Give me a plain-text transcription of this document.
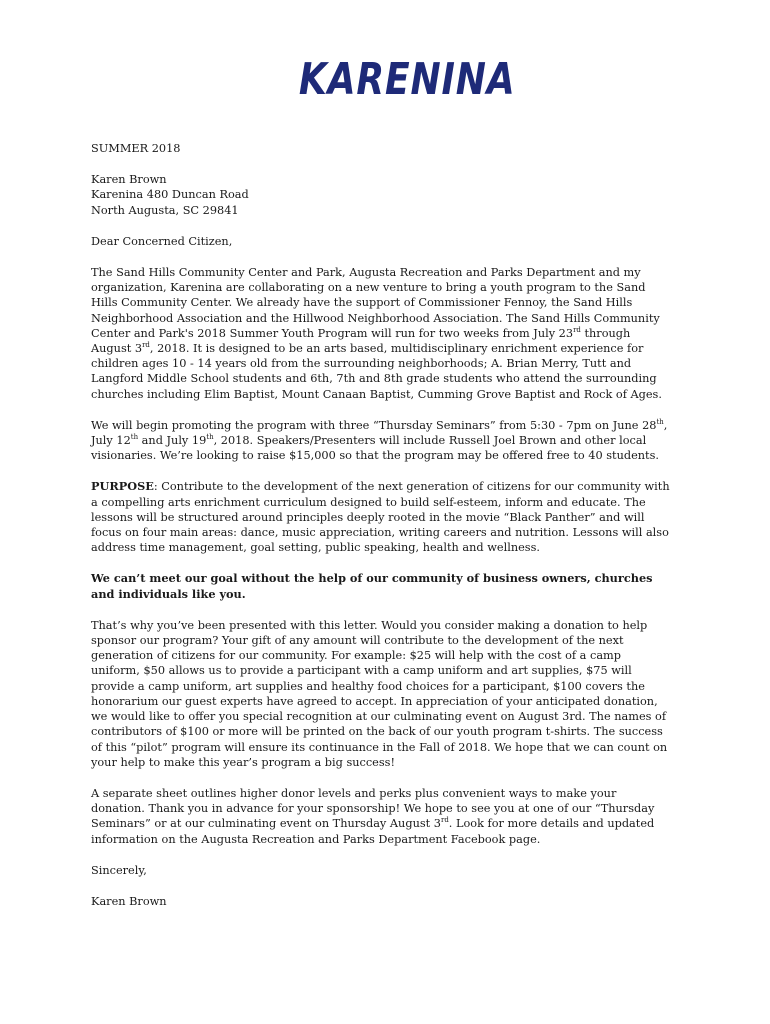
KARENINA

SUMMER 2018

Karen Brown

Karenina 480 Duncan Road

North Augusta, SC 29841

Dear Concerned Citizen,

The Sand Hills Community Center and Park, Augusta Recreation and Parks Department and my organization, Karenina are collaborating on a new venture to bring a youth program to the Sand Hills Community Center. We already have the support of Commissioner Fennoy, the Sand Hills Neighborhood Association and the Hillwood Neighborhood Association. The Sand Hills Community Center and Park's 2018 Summer Youth Program will run for two weeks from July 23rd through August 3rd, 2018. It is designed to be an arts based, multidisciplinary enrichment experience for children ages 10 - 14 years old from the surrounding neighborhoods; A. Brian Merry, Tutt and Langford Middle School students and 6th, 7th and 8th grade students who attend the surrounding churches including Elim Baptist, Mount Canaan Baptist, Cumming Grove Baptist and Rock of Ages.

We will begin promoting the program with three “Thursday Seminars” from 5:30 - 7pm on June 28th, July 12th and July 19th, 2018. Speakers/Presenters will include Russell Joel Brown and other local visionaries. We’re looking to raise $15,000 so that the program may be offered free to 40 students.

PURPOSE: Contribute to the development of the next generation of citizens for our community with a compelling arts enrichment curriculum designed to build self-esteem, inform and educate. The lessons will be structured around principles deeply rooted in the movie “Black Panther” and will focus on four main areas: dance, music appreciation, writing careers and nutrition. Lessons will also address time management, goal setting, public speaking, health and wellness.

We can’t meet our goal without the help of our community of business owners, churches and individuals like you.

That’s why you’ve been presented with this letter. Would you consider making a donation to help sponsor our program? Your gift of any amount will contribute to the development of the next generation of citizens for our community. For example: $25 will help with the cost of a camp uniform, $50 allows us to provide a participant with a camp uniform and art supplies, $75 will provide a camp uniform, art supplies and healthy food choices for a participant, $100 covers the honorarium our guest experts have agreed to accept. In appreciation of your anticipated donation, we would like to offer you special recognition at our culminating event on August 3rd. The names of contributors of $100 or more will be printed on the back of our youth program t-shirts. The success of this “pilot” program will ensure its continuance in the Fall of 2018. We hope that we can count on your help to make this year’s program a big success!

A separate sheet outlines higher donor levels and perks plus convenient ways to make your donation. Thank you in advance for your sponsorship! We hope to see you at one of our “Thursday Seminars” or at our culminating event on Thursday August 3rd. Look for more details and updated information on the Augusta Recreation and Parks Department Facebook page.

Sincerely,

Karen Brown
